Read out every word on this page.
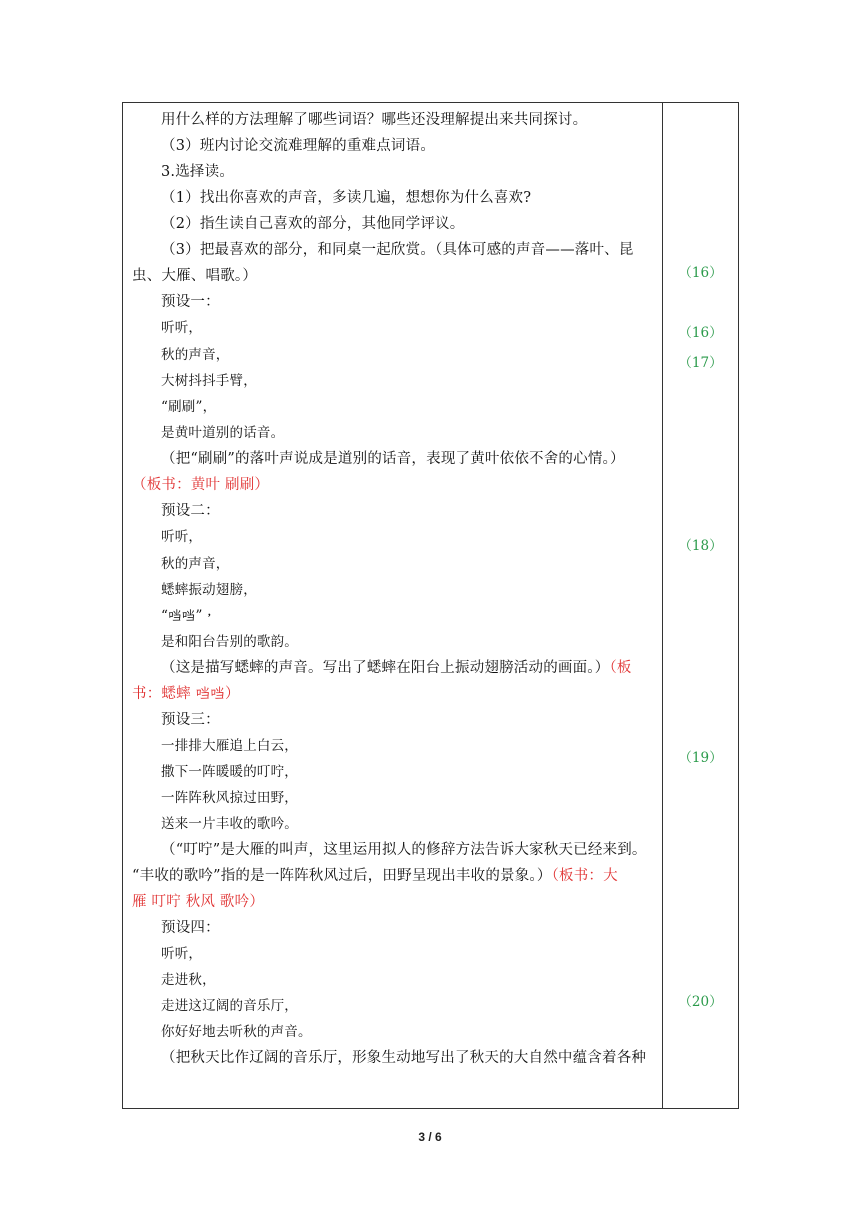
用什么样的方法理解了哪些词语？哪些还没理解提出来共同探讨。
（3）班内讨论交流难理解的重难点词语。
3.选择读。
（1）找出你喜欢的声音，多读几遍，想想你为什么喜欢?
（2）指生读自己喜欢的部分，其他同学评议。
（3）把最喜欢的部分，和同桌一起欣赏。（具体可感的声音——落叶、昆
虫、大雁、唱歌。）
预设一：
听听，
秋的声音，
大树抖抖手臂，
“刷刷”，
是黄叶道别的话音。
（把“刷刷”的落叶声说成是道别的话音，表现了黄叶依依不舍的心情。）
（板书：黄叶 刷刷）
预设二：
听听，
秋的声音，
蟋蟀振动翅膀，
“𪠽𪠽”，
是和阳台告别的歌韵。
（这是描写蟋蟀的声音。写出了蟋蟀在阳台上振动翅膀活动的画面。）（板
书：蟋蟀 𪠽𪠽）
预设三：
一排排大雁追上白云，
撒下一阵暖暖的叮咛，
一阵阵秋风掠过田野，
送来一片丰收的歌吟。
（“叮咛”是大雁的叫声，这里运用拟人的修辞方法告诉大家秋天已经来到。
“丰收的歌吟”指的是一阵阵秋风过后，田野呈现出丰收的景象。）（板书：大
雁 叮咛 秋风 歌吟）
预设四：
听听，
走进秋，
走进这辽阔的音乐厅，
你好好地去听秋的声音。
（把秋天比作辽阔的音乐厅，形象生动地写出了秋天的大自然中蕴含着各种
（16）
（16）
（17）
（18）
（19）
（20）
3 / 6
